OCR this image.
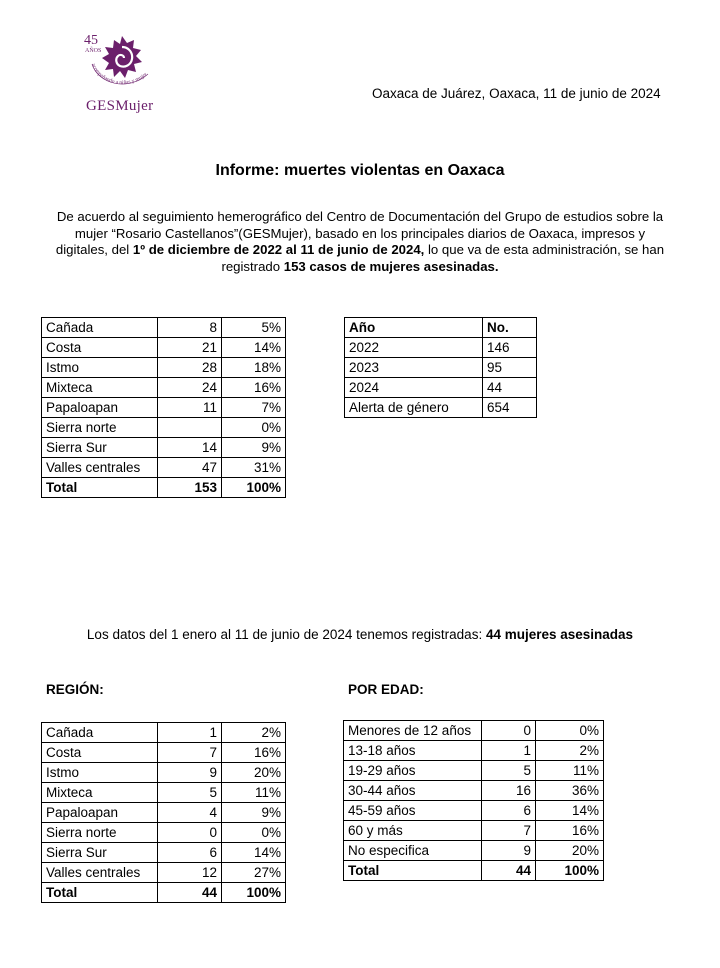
45
AÑOS
acompañando a niñas y mujer
GESMujer
Oaxaca de Juárez, Oaxaca, 11 de junio de 2024
Informe: muertes violentas en Oaxaca
De acuerdo al seguimiento hemerográfico del Centro de Documentación del Grupo de estudios sobre la mujer “Rosario Castellanos”(GESMujer), basado en los principales diarios de Oaxaca, impresos y digitales, del 1º de diciembre de 2022 al 11 de junio de 2024, lo que va de esta administración, se han registrado 153 casos de mujeres asesinadas.
Cañada	8	5%
Costa	21	14%
Istmo	28	18%
Mixteca	24	16%
Papaloapan	11	7%
Sierra norte		0%
Sierra Sur	14	9%
Valles centrales	47	31%
Total	153	100%
Año	No.
2022	146
2023	95
2024	44
Alerta de género	654
Los datos del 1 enero al 11 de junio de 2024 tenemos registradas: 44 mujeres asesinadas
REGIÓN:	POR EDAD:
Cañada	1	2%
Costa	7	16%
Istmo	9	20%
Mixteca	5	11%
Papaloapan	4	9%
Sierra norte	0	0%
Sierra Sur	6	14%
Valles centrales	12	27%
Total	44	100%
Menores de 12 años	0	0%
13-18 años	1	2%
19-29 años	5	11%
30-44 años	16	36%
45-59 años	6	14%
60 y más	7	16%
No especifica	9	20%
Total	44	100%
